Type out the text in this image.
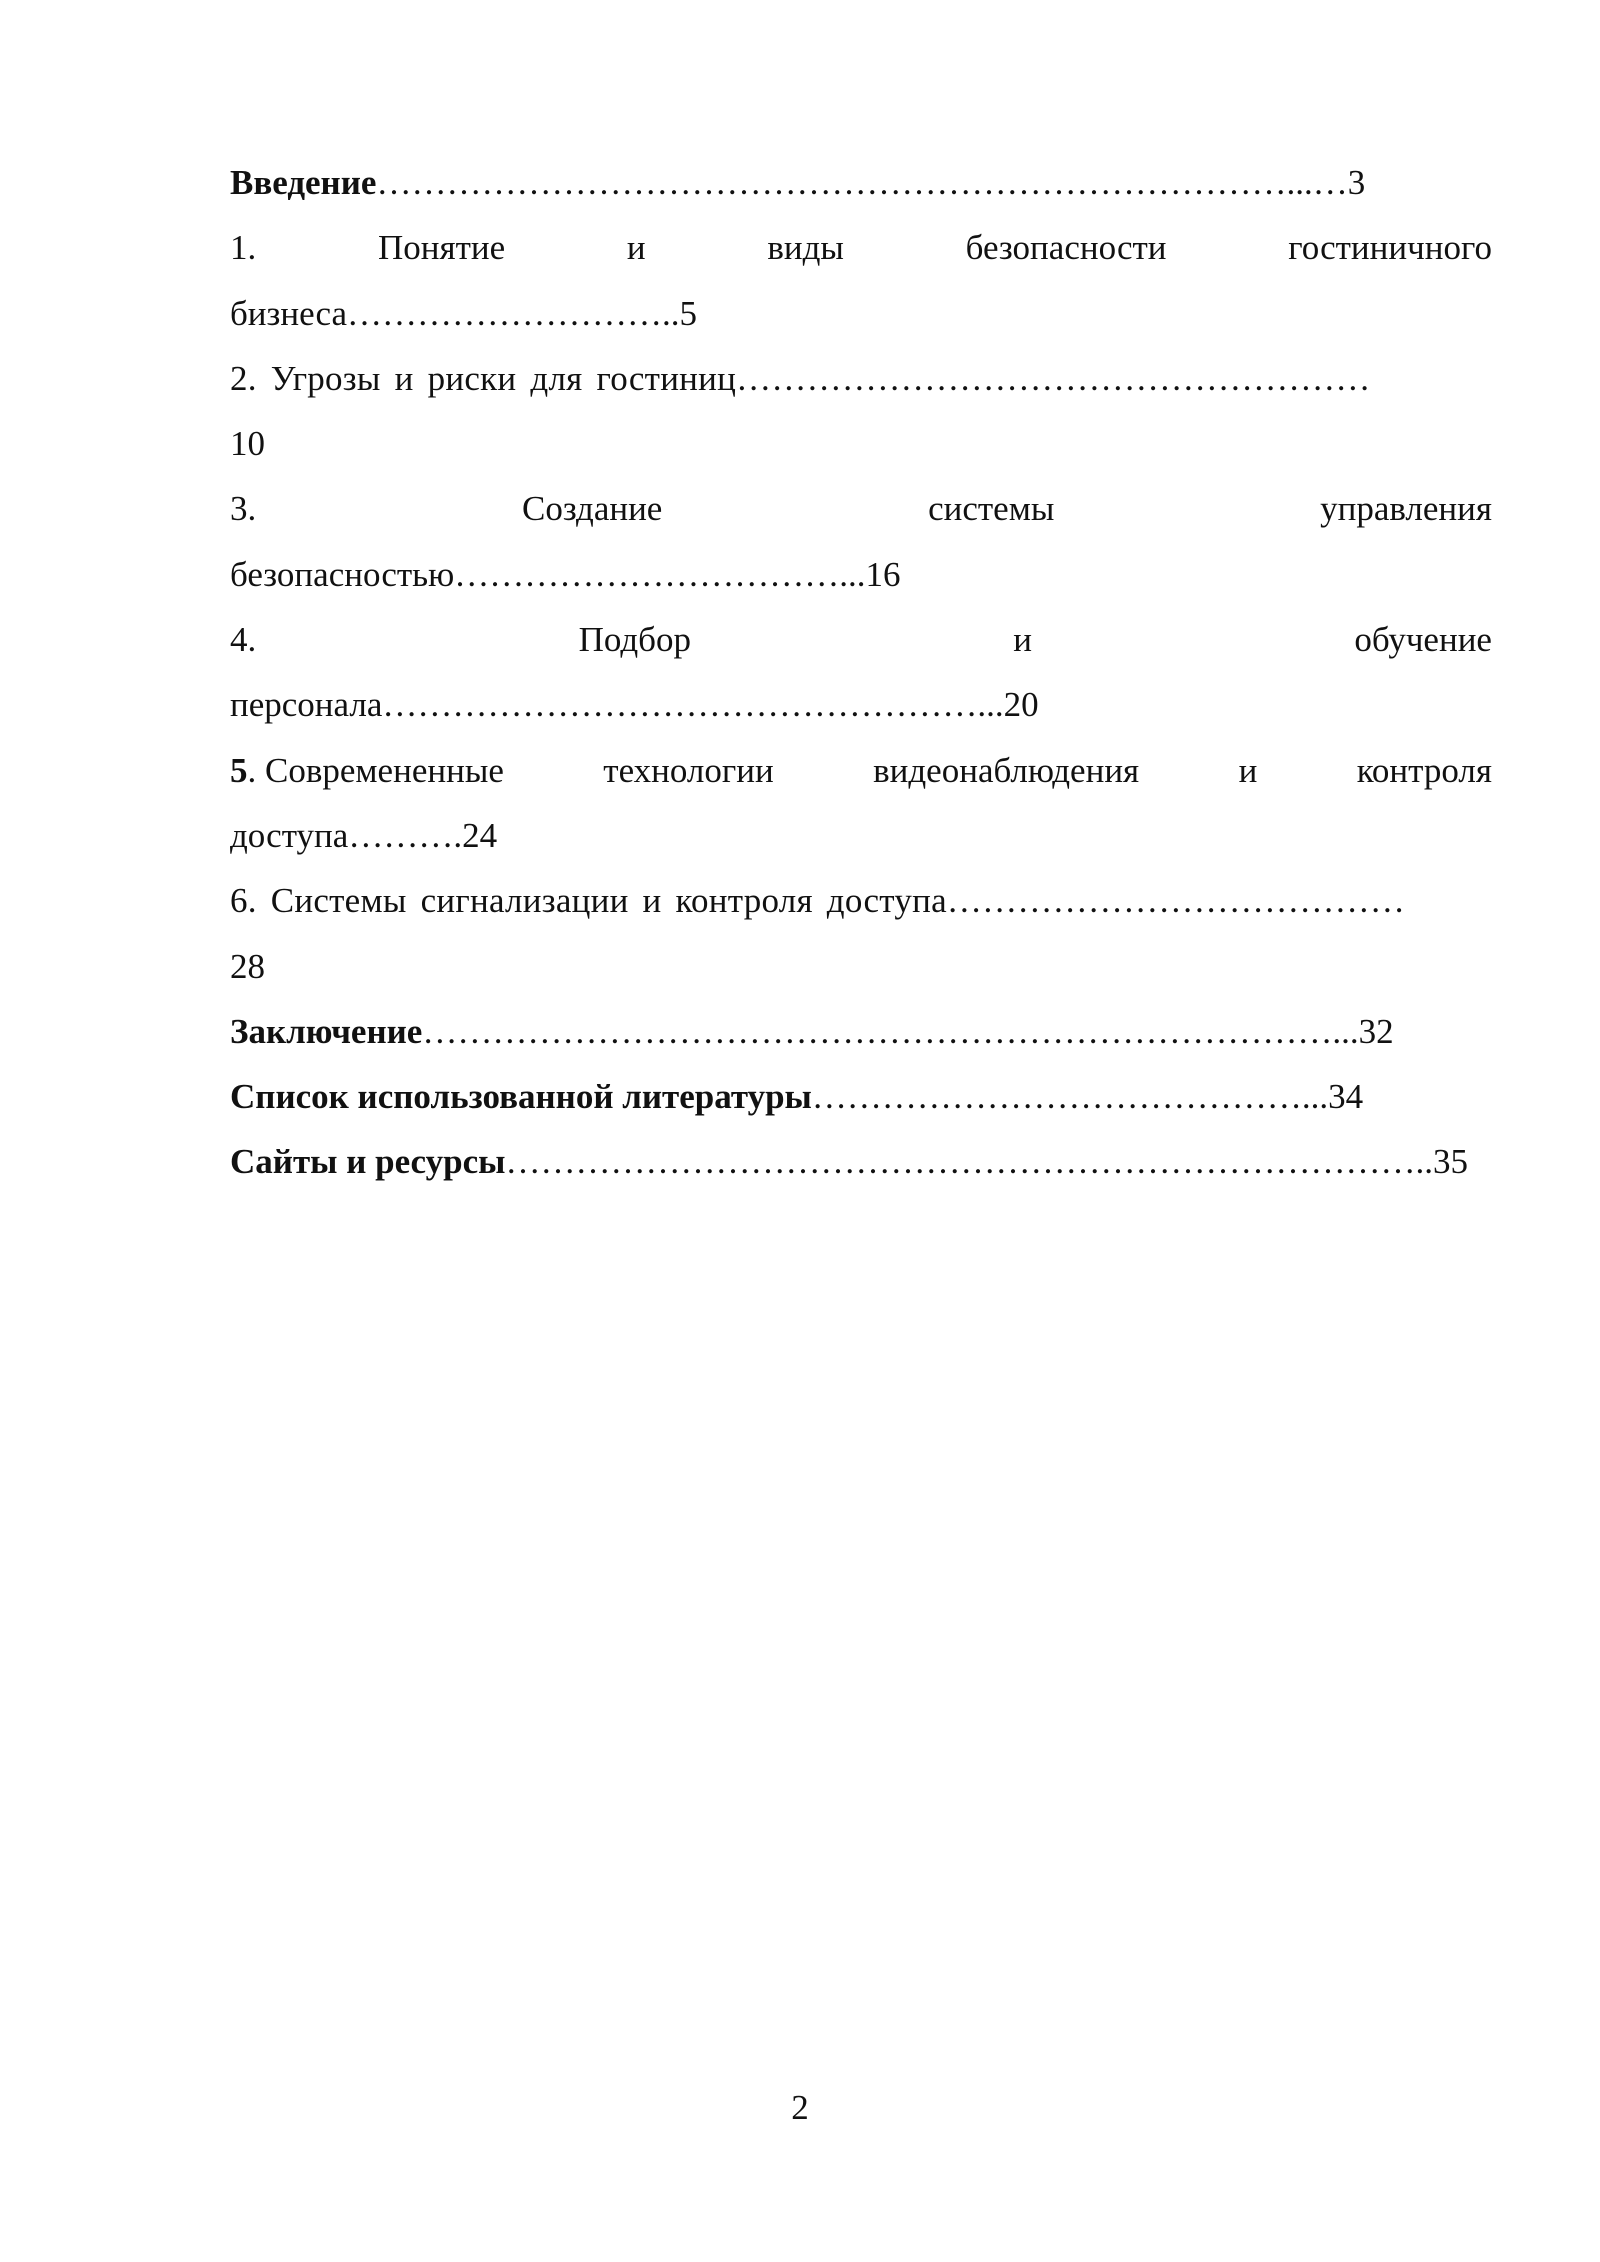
Введение……………………………………………………………………...…3
1.	Понятие	и	виды	безопасности	гостиничного
бизнеса………………………..5
2. Угрозы и риски для гостиниц………………………………………………
10
3.	Создание	системы	управления
безопасностью……………………………...16
4.	Подбор	и	обучение
персонала……………………………………………...20
5. Современенные	технологии	видеонаблюдения	и	контроля
доступа……….24
6. Системы сигнализации и контроля доступа…………………………………
28
Заключение……………………………………………………………………...32
Список использованной литературы……………………………………...34
Сайты и ресурсы……………………………………………………………………..35
2
